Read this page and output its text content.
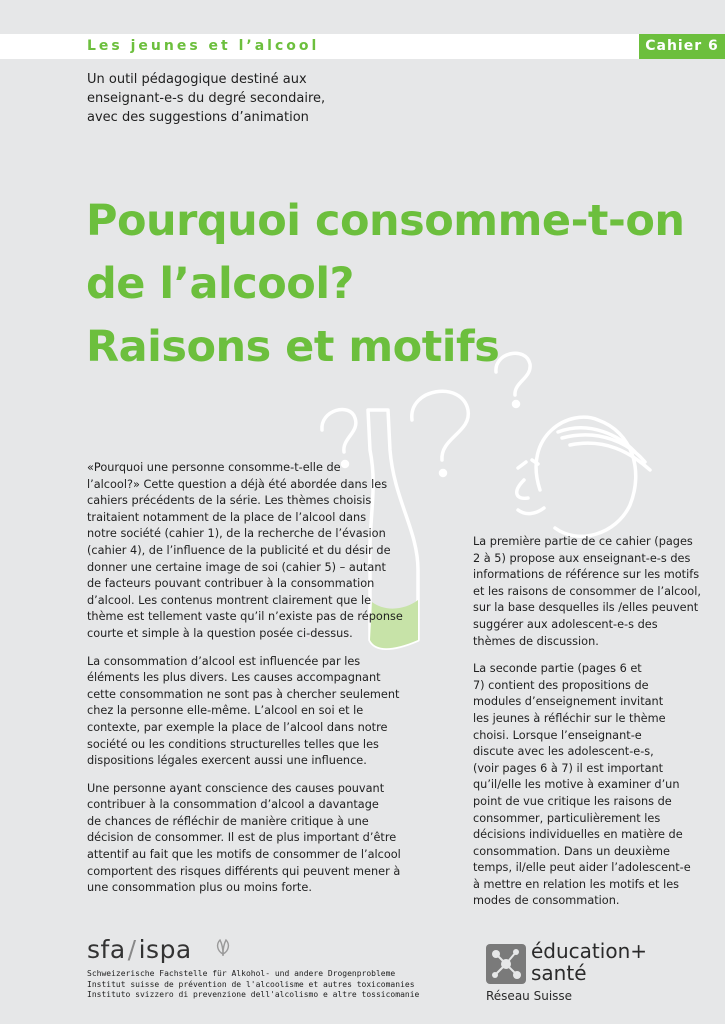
Les jeunes et l’alcool	Cahier 6
Un outil pédagogique destiné aux
enseignant-e-s du degré secondaire,
avec des suggestions d’animation
Pourquoi consomme-t-on
de l’alcool?
Raisons et motifs

«Pourquoi une personne consomme-t-elle de
l’alcool?» Cette question a déjà été abordée dans les
cahiers précédents de la série. Les thèmes choisis
traitaient notamment de la place de l’alcool dans
notre société (cahier 1), de la recherche de l’évasion
(cahier 4), de l’influence de la publicité et du désir de
donner une certaine image de soi (cahier 5) – autant
de facteurs pouvant contribuer à la consommation
d’alcool. Les contenus montrent clairement que le
thème est tellement vaste qu’il n’existe pas de réponse
courte et simple à la question posée ci-dessus.

La consommation d’alcool est influencée par les
éléments les plus divers. Les causes accompagnant
cette consommation ne sont pas à chercher seulement
chez la personne elle-même. L’alcool en soi et le
contexte, par exemple la place de l’alcool dans notre
société ou les conditions structurelles telles que les
dispositions légales exercent aussi une influence.

Une personne ayant conscience des causes pouvant
contribuer à la consommation d’alcool a davantage
de chances de réfléchir de manière critique à une
décision de consommer. Il est de plus important d’être
attentif au fait que les motifs de consommer de l’alcool
comportent des risques différents qui peuvent mener à
une consommation plus ou moins forte.

La première partie de ce cahier (pages
2 à 5) propose aux enseignant-e-s des
informations de référence sur les motifs
et les raisons de consommer de l’alcool,
sur la base desquelles ils /elles peuvent
suggérer aux adolescent-e-s des
thèmes de discussion.

La seconde partie (pages 6 et
7) contient des propositions de
modules d’enseignement invitant
les jeunes à réfléchir sur le thème
choisi. Lorsque l’enseignant-e
discute avec les adolescent-e-s,
(voir pages 6 à 7) il est important
qu’il/elle les motive à examiner d’un
point de vue critique les raisons de
consommer, particulièrement les
décisions individuelles en matière de
consommation. Dans un deuxième
temps, il/elle peut aider l’adolescent-e
à mettre en relation les motifs et les
modes de consommation.

sfa/ispa
Schweizerische Fachstelle für Alkohol- und andere Drogenprobleme
Institut suisse de prévention de l'alcoolisme et autres toxicomanies
Instituto svizzero di prevenzione dell'alcolismo e altre tossicomanie
éducation+
santé
Réseau Suisse
